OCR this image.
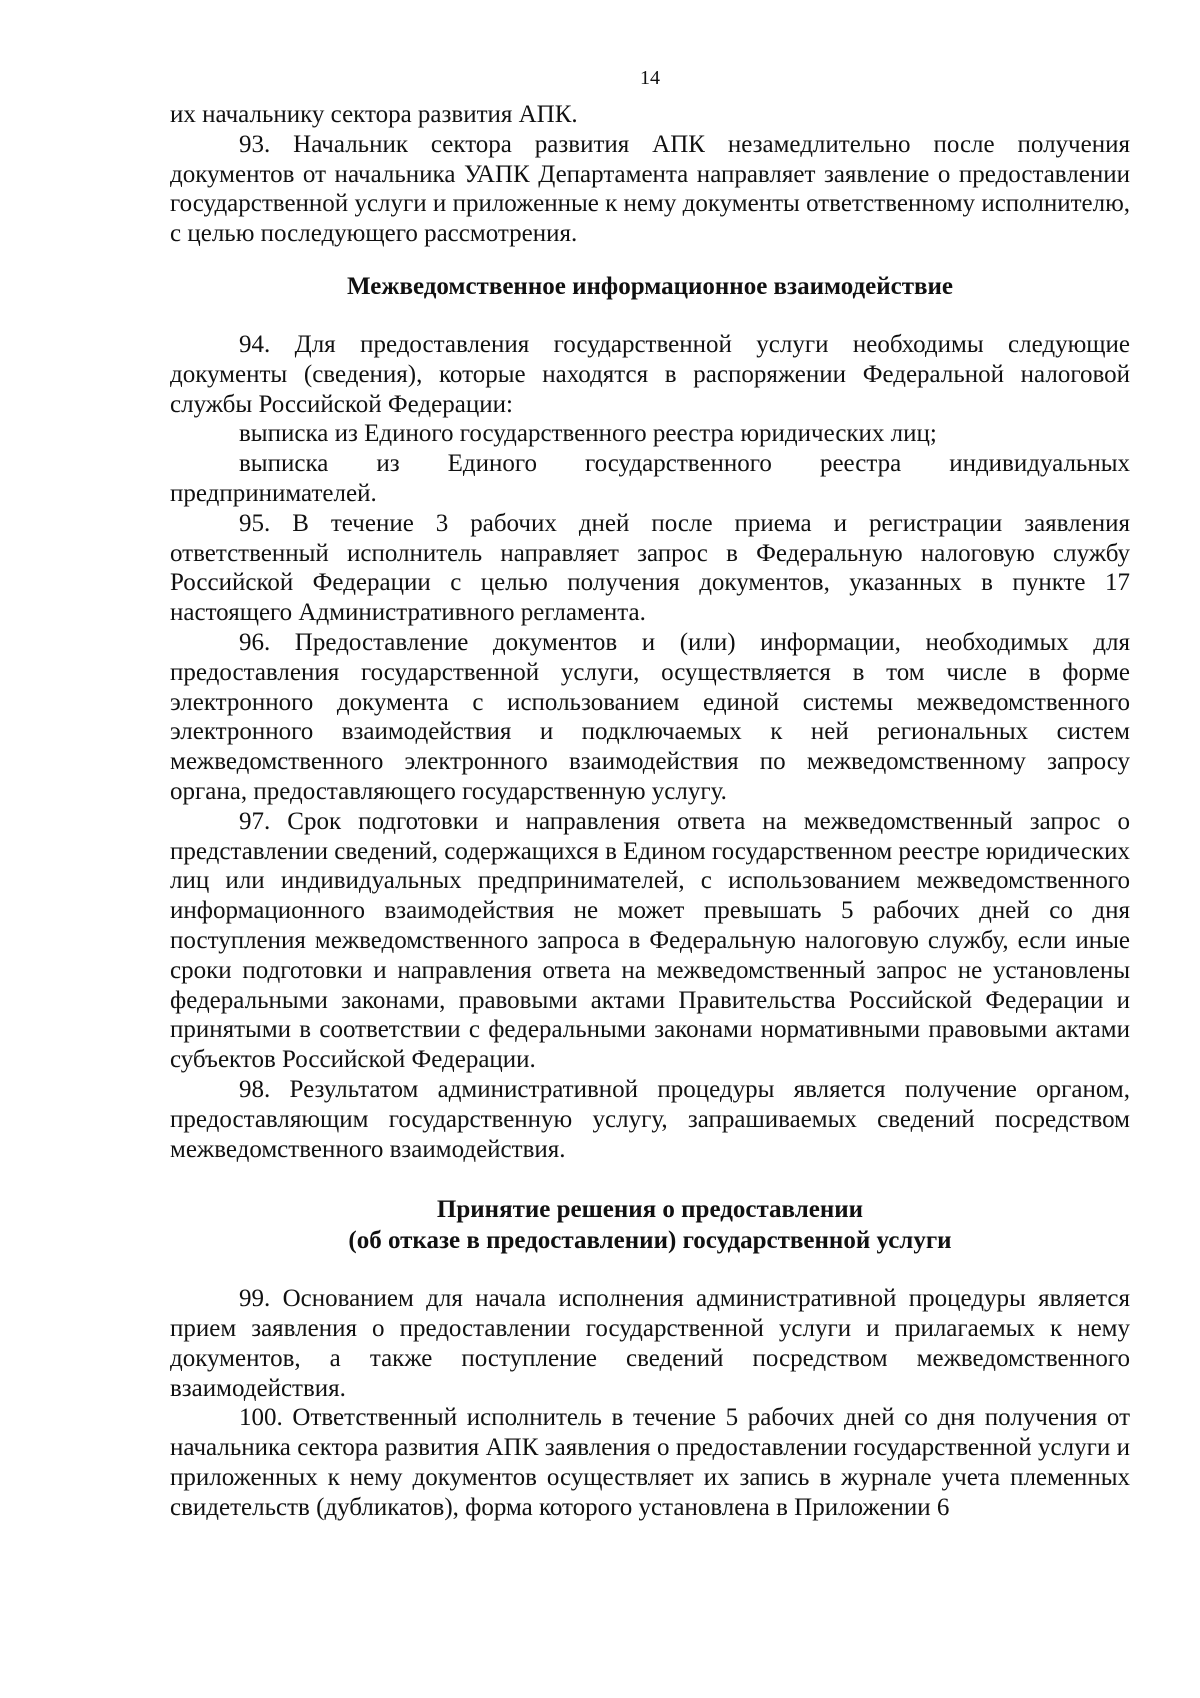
14

их начальнику сектора развития АПК.

93. Начальник сектора развития АПК незамедлительно после получения документов от начальника УАПК Департамента направляет заявление о предоставлении государственной услуги и приложенные к нему документы ответственному исполнителю, с целью последующего рассмотрения.

Межведомственное информационное взаимодействие

94. Для предоставления государственной услуги необходимы следующие документы (сведения), которые находятся в распоряжении Федеральной налоговой службы Российской Федерации:

выписка из Единого государственного реестра юридических лиц;

выписка из Единого государственного реестра индивидуальных предпринимателей.

95. В течение 3 рабочих дней после приема и регистрации заявления ответственный исполнитель направляет запрос в Федеральную налоговую службу Российской Федерации с целью получения документов, указанных в пункте 17 настоящего Административного регламента.

96. Предоставление документов и (или) информации, необходимых для предоставления государственной услуги, осуществляется в том числе в форме электронного документа с использованием единой системы межведомственного электронного взаимодействия и подключаемых к ней региональных систем межведомственного электронного взаимодействия по межведомственному запросу органа, предоставляющего государственную услугу.

97. Срок подготовки и направления ответа на межведомственный запрос о представлении сведений, содержащихся в Едином государственном реестре юридических лиц или индивидуальных предпринимателей, с использованием межведомственного информационного взаимодействия не может превышать 5 рабочих дней со дня поступления межведомственного запроса в Федеральную налоговую службу, если иные сроки подготовки и направления ответа на межведомственный запрос не установлены федеральными законами, правовыми актами Правительства Российской Федерации и принятыми в соответствии с федеральными законами нормативными правовыми актами субъектов Российской Федерации.

98. Результатом административной процедуры является получение органом, предоставляющим государственную услугу, запрашиваемых сведений посредством межведомственного взаимодействия.

Принятие решения о предоставлении
(об отказе в предоставлении) государственной услуги

99. Основанием для начала исполнения административной процедуры является прием заявления о предоставлении государственной услуги и прилагаемых к нему документов, а также поступление сведений посредством межведомственного взаимодействия.

100. Ответственный исполнитель в течение 5 рабочих дней со дня получения от начальника сектора развития АПК заявления о предоставлении государственной услуги и приложенных к нему документов осуществляет их запись в журнале учета племенных свидетельств (дубликатов), форма которого установлена в Приложении 6
